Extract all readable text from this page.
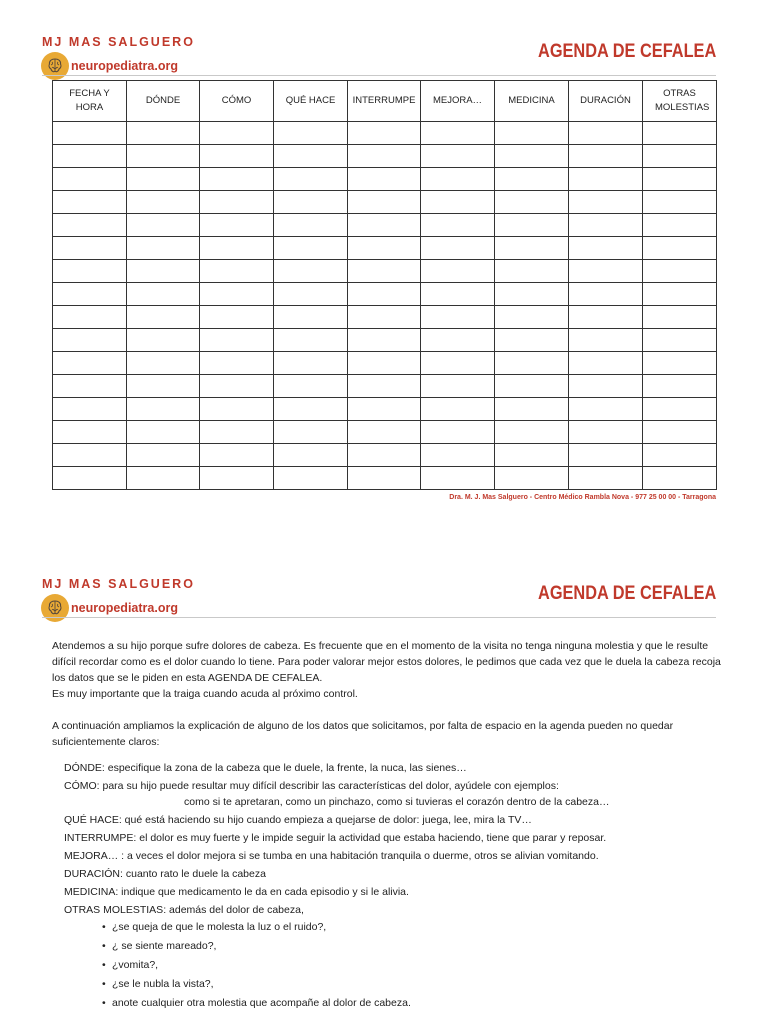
MJ MAS SALGUERO
neuropediatra.org
AGENDA DE CEFALEA
FECHA Y HORA	DÓNDE	CÓMO	QUÉ HACE	INTERRUMPE	MEJORA…	MEDICINA	DURACIÓN	OTRAS MOLESTIAS

Dra. M. J. Mas Salguero - Centro Médico Rambla Nova - 977 25 00 00 - Tarragona
MJ MAS SALGUERO
neuropediatra.org
AGENDA DE CEFALEA

Atendemos a su hijo porque sufre dolores de cabeza. Es frecuente que en el momento de la visita no tenga ninguna molestia y que le resulte difícil recordar como es el dolor cuando lo tiene. Para poder valorar mejor estos dolores, le pedimos que cada vez que le duela la cabeza recoja los datos que se le piden en esta AGENDA DE CEFALEA.

Es muy importante que la traiga cuando acuda al próximo control.

A continuación ampliamos la explicación de alguno de los datos que solicitamos, por falta de espacio en la agenda pueden no quedar suficientemente claros:

DÓNDE: especifique la zona de la cabeza que le duele, la frente, la nuca, las sienes…

CÓMO: para su hijo puede resultar muy difícil describir las características del dolor, ayúdele con ejemplos:

como si te apretaran, como un pinchazo, como si tuvieras el corazón dentro de la cabeza…

QUÉ HACE: qué está haciendo su hijo cuando empieza a quejarse de dolor: juega, lee, mira la TV…

INTERRUMPE: el dolor es muy fuerte y le impide seguir la actividad que estaba haciendo, tiene que parar y reposar.

MEJORA… : a veces el dolor mejora si se tumba en una habitación tranquila o duerme, otros se alivian vomitando.

DURACIÓN: cuanto rato le duele la cabeza

MEDICINA: indique que medicamento le da en cada episodio y si le alivia.

OTRAS MOLESTIAS: además del dolor de cabeza,

• ¿se queja de que le molesta la luz o el ruido?,
• ¿ se siente mareado?,
• ¿vomita?,
• ¿se le nubla la vista?,
• anote cualquier otra molestia que acompañe al dolor de cabeza.
